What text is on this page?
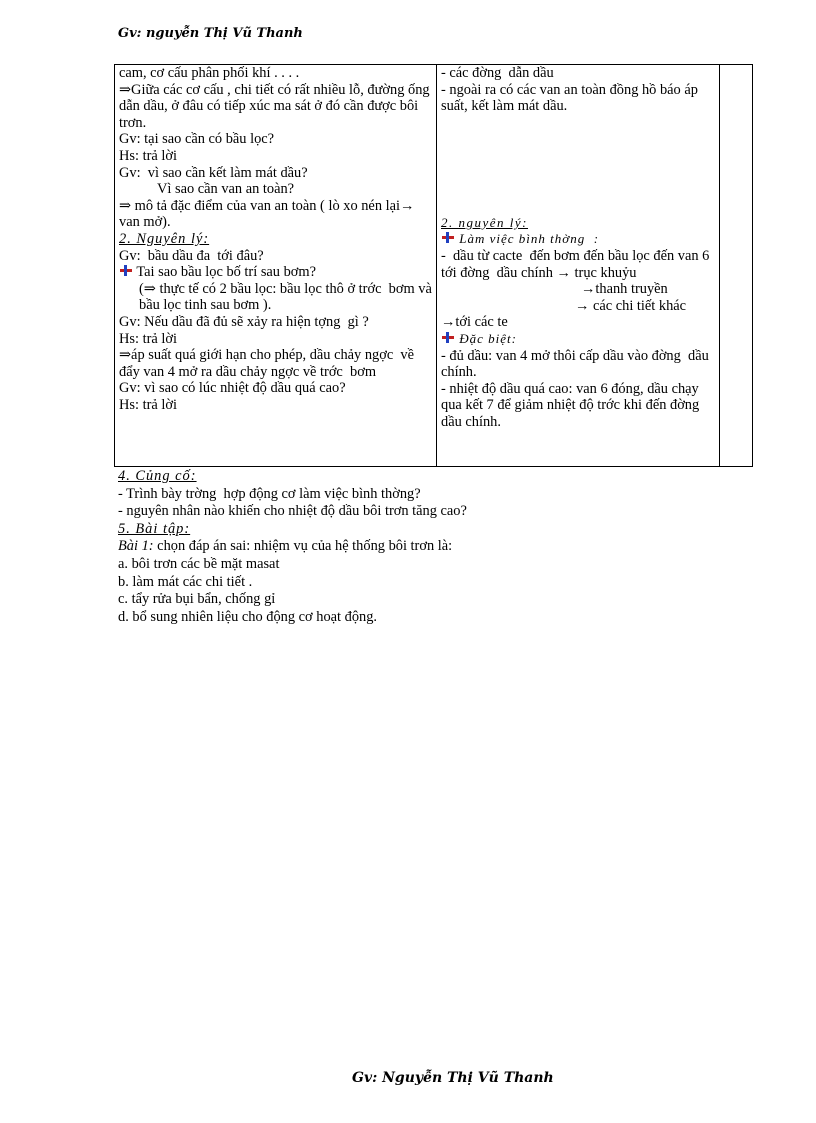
Gv: nguyễn Thị Vũ Thanh
cam, cơ cấu phân phối khí . . . .
⇒Giữa các cơ cấu , chi tiết có rất nhiều lỗ, đường ống dẫn dầu, ở đâu có tiếp xúc ma sát ở đó cần được bôi trơn.
Gv: tại sao cần có bầu lọc?
Hs: trả lời
Gv:  vì sao cần kết làm mát dầu?
Vì sao cần van an toàn?
⇒ mô tả đặc điểm của van an toàn ( lò xo nén lại→ van mở).
2. Nguyên lý:
Gv:  bầu dầu đa  tới đâu?
Tai sao bầu lọc bố trí sau bơm?
(⇒ thực tế có 2 bầu lọc: bầu lọc thô ở trớc  bơm và bầu lọc tinh sau bơm ).
Gv: Nếu dầu đã đủ sẽ xảy ra hiện tợng  gì ?
Hs: trả lời
⇒áp suất quá giới hạn cho phép, dầu chảy ngợc  về đẩy van 4 mở ra dầu chảy ngợc về trớc  bơm
Gv: vì sao có lúc nhiệt độ dầu quá cao?
Hs: trả lời

- các đờng  dẫn dầu
- ngoài ra có các van an toàn đồng hồ báo áp suất, kết làm mát dầu.
2. nguyên lý:
Làm việc bình thờng  :
-  dầu từ cacte  đến bơm đến bầu lọc đến van 6 tới đờng  dầu chính → trục khuỷu
→thanh truyền
→ các chi tiết khác
→tới các te
Đặc biệt:
- đủ dầu: van 4 mở thôi cấp dầu vào đờng  dầu chính.
- nhiệt độ dầu quá cao: van 6 đóng, dầu chạy qua kết 7 để giảm nhiệt độ trớc khi đến đờng  dầu chính.

4. Củng cố:
- Trình bày trờng  hợp động cơ làm việc bình thờng?
- nguyên nhân nào khiến cho nhiệt độ dầu bôi trơn tăng cao?
5. Bài tập:
Bài 1: chọn đáp án sai: nhiệm vụ của hệ thống bôi trơn là:
a. bôi trơn các bề mặt masat
b. làm mát các chi tiết .
c. tẩy rửa bụi bẩn, chống gỉ
d. bổ sung nhiên liệu cho động cơ hoạt động.
Gv: Nguyễn Thị Vũ Thanh
